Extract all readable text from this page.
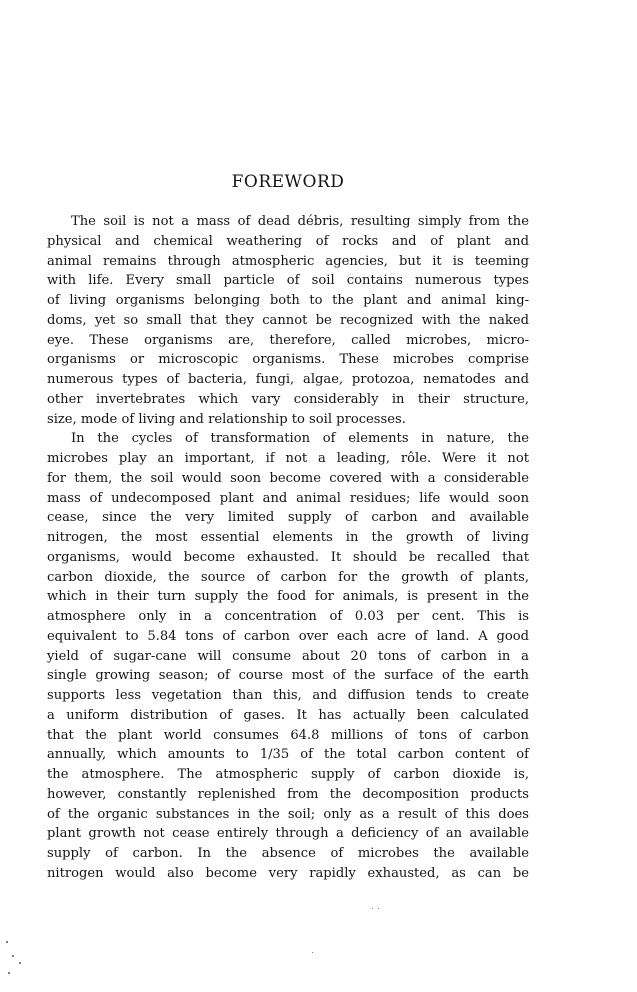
FOREWORD
The soil is not a mass of dead débris, resulting simply from the
physical and chemical weathering of rocks and of plant and
animal remains through atmospheric agencies, but it is teeming
with life. Every small particle of soil contains numerous types
of living organisms belonging both to the plant and animal king-
doms, yet so small that they cannot be recognized with the naked
eye. These organisms are, therefore, called microbes, micro-
organisms or microscopic organisms. These microbes comprise
numerous types of bacteria, fungi, algae, protozoa, nematodes and
other invertebrates which vary considerably in their structure,
size, mode of living and relationship to soil processes.
In the cycles of transformation of elements in nature, the
microbes play an important, if not a leading, rôle. Were it not
for them, the soil would soon become covered with a considerable
mass of undecomposed plant and animal residues; life would soon
cease, since the very limited supply of carbon and available
nitrogen, the most essential elements in the growth of living
organisms, would become exhausted. It should be recalled that
carbon dioxide, the source of carbon for the growth of plants,
which in their turn supply the food for animals, is present in the
atmosphere only in a concentration of 0.03 per cent. This is
equivalent to 5.84 tons of carbon over each acre of land. A good
yield of sugar-cane will consume about 20 tons of carbon in a
single growing season; of course most of the surface of the earth
supports less vegetation than this, and diffusion tends to create
a uniform distribution of gases. It has actually been calculated
that the plant world consumes 64.8 millions of tons of carbon
annually, which amounts to 1/35 of the total carbon content of
the atmosphere. The atmospheric supply of carbon dioxide is,
however, constantly replenished from the decomposition products
of the organic substances in the soil; only as a result of this does
plant growth not cease entirely through a deficiency of an available
supply of carbon. In the absence of microbes the available
nitrogen would also become very rapidly exhausted, as can be
